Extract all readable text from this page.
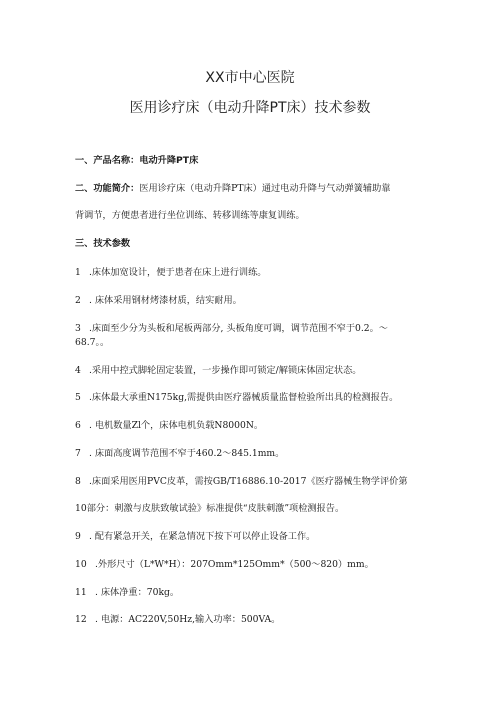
XX市中心医院
医用诊疗床（电动升降PT床）技术参数
一、产品名称：电动升降PT床
二、功能简介：医用诊疗床（电动升降PT床）通过电动升降与气动弹簧辅助靠
背调节，方便患者进行坐位训练、转移训练等康复训练。
三、技术参数
1 .床体加宽设计，便于患者在床上进行训练。
2 . 床体采用钢材烤漆材质，结实耐用。
3 .床面至少分为头板和尾板两部分, 头板角度可调，调节范围不窄于0.2。〜
68.7。。
4 .采用中控式脚轮固定装置，一步操作即可锁定/解锁床体固定状态。
5 .床体最大承重N175kg,需提供由医疗器械质量监督检验所出具的检测报告。
6 . 电机数量Zl个，床体电机负载N8000N。
7 . 床面高度调节范围不窄于460.2〜845.1mm。
8 .床面采用医用PVC皮革，需按GB/T16886.10-2017《医疗器械生物学评价第
10部分：刺激与皮肤致敏试验》标准提供“皮肤刺激”项检测报告。
9 . 配有紧急开关，在紧急情况下按下可以停止设备工作。
10 .外形尺寸（L*W*H）：207Omm*125Omm*（500〜820）mm。
11 . 床体净重：70kg。
12 . 电源：AC220V,50Hz,输入功率：500VA。
